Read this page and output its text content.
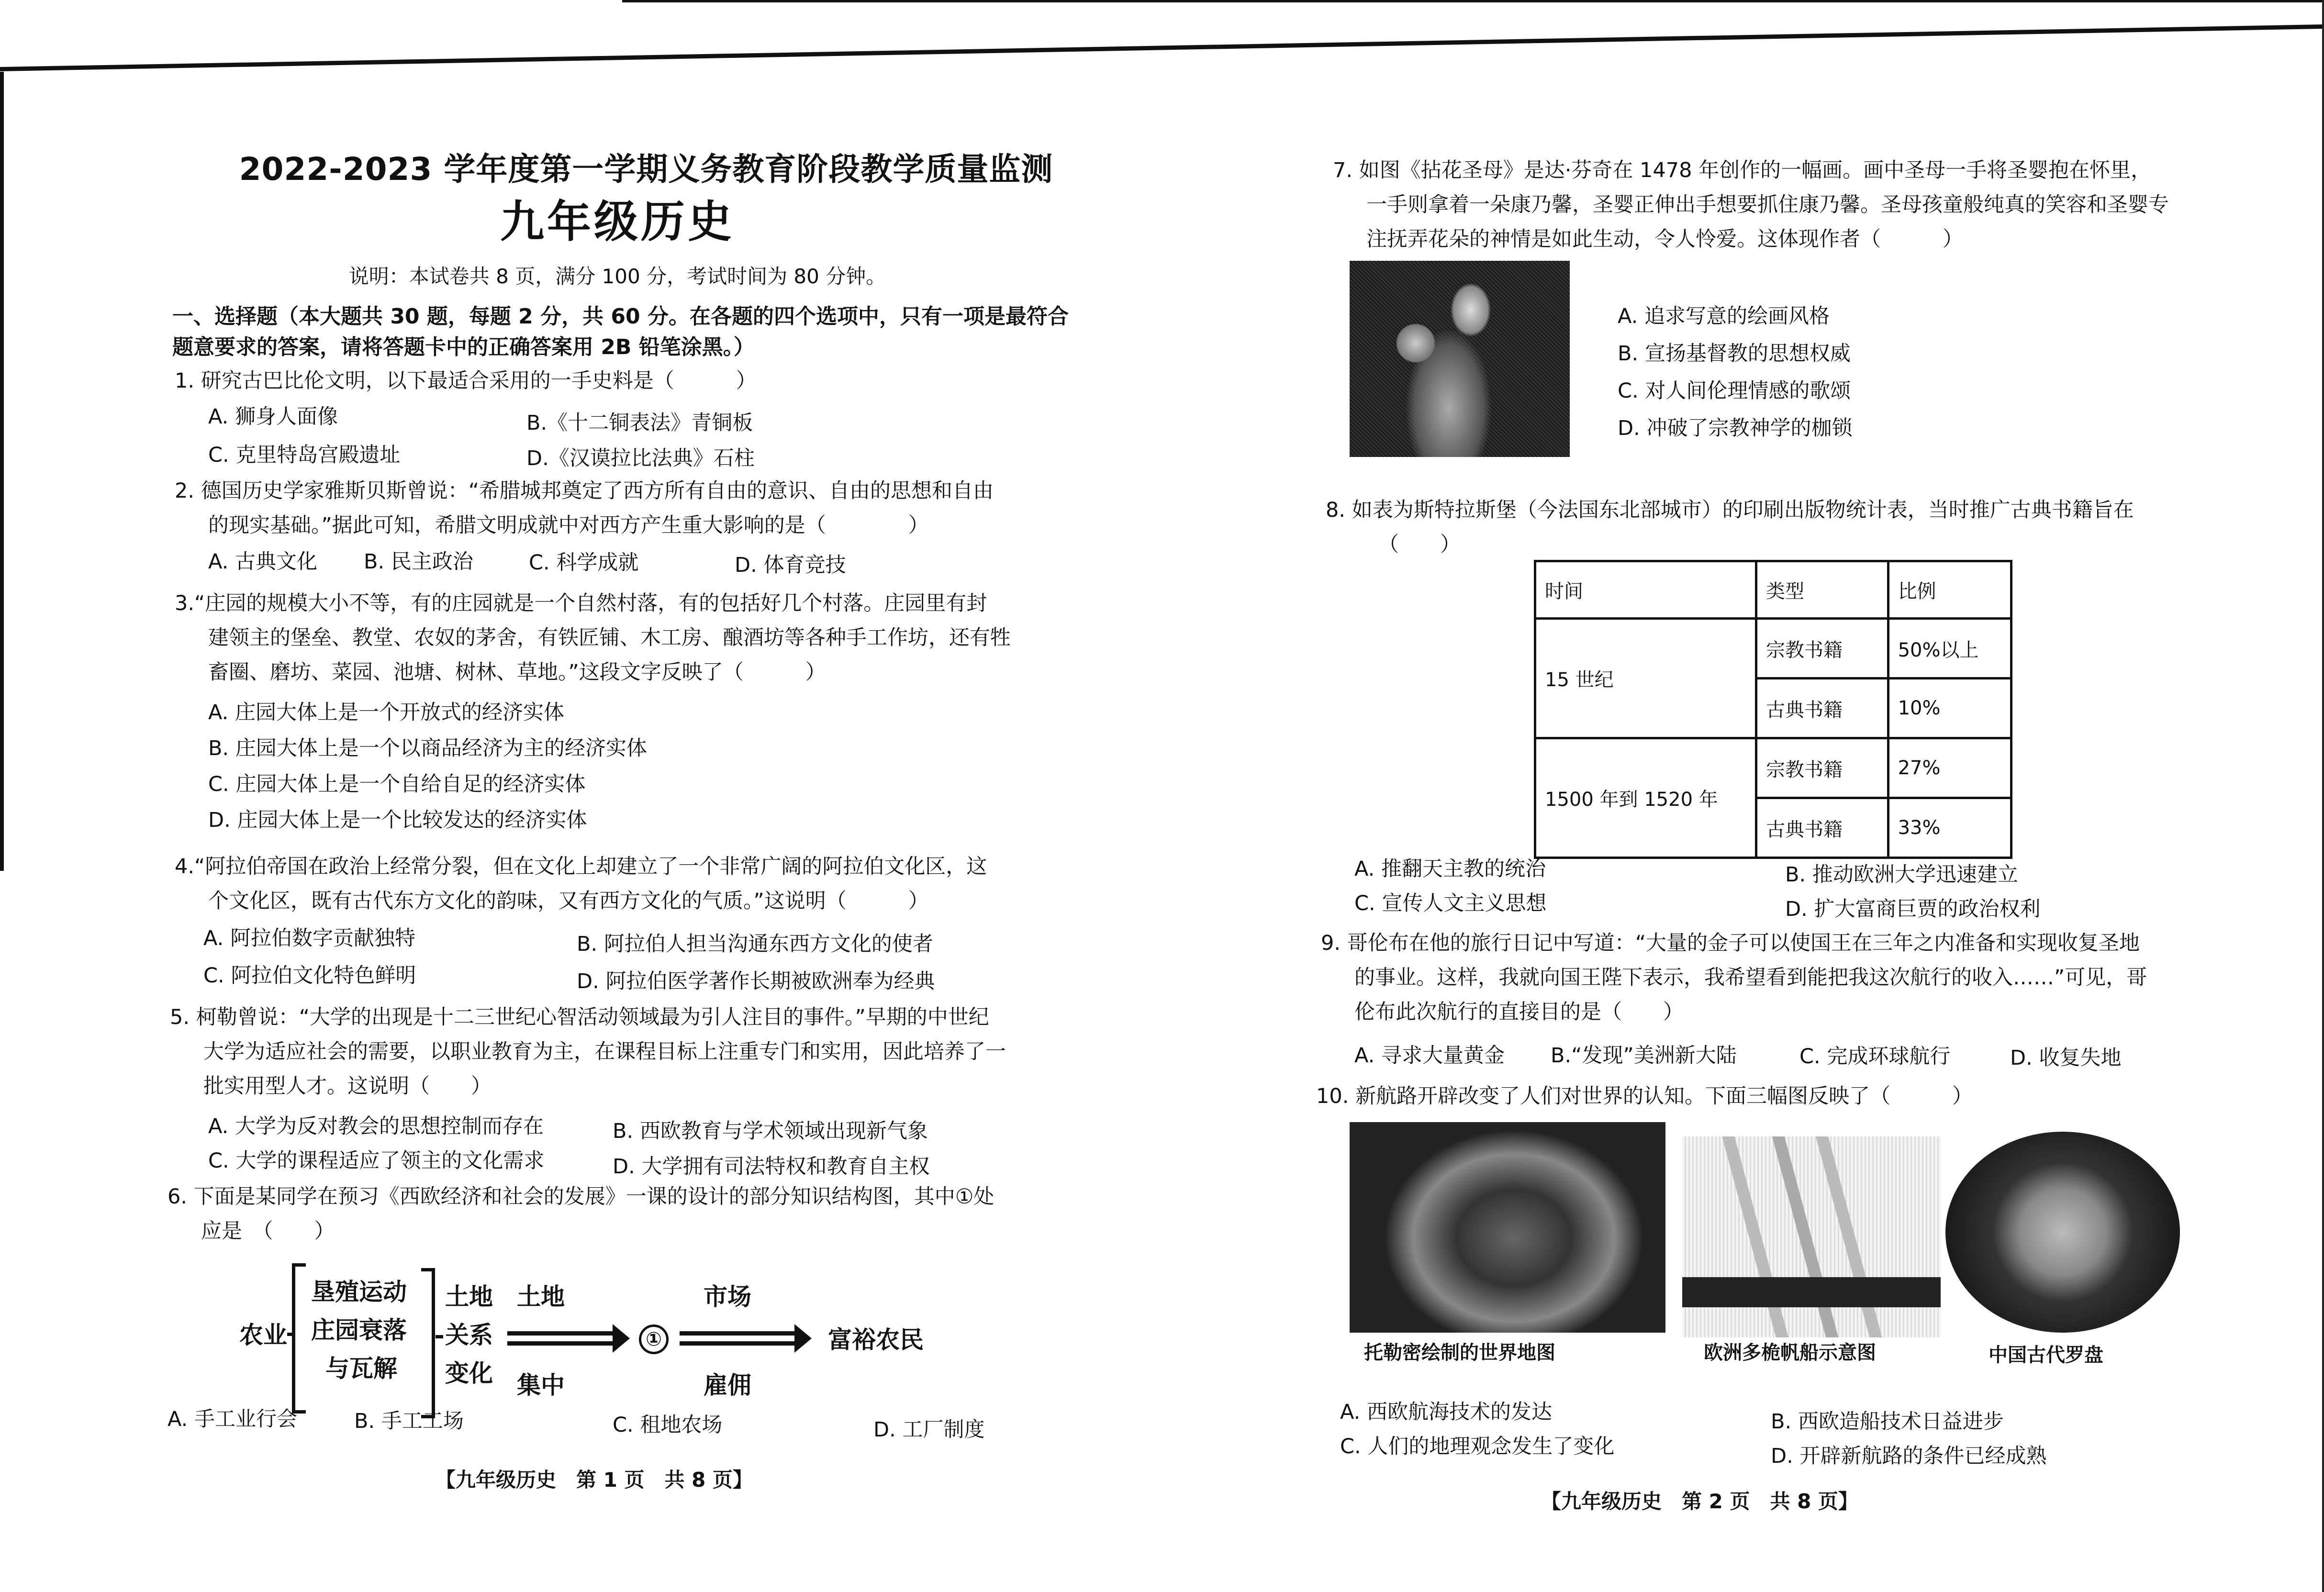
2022-2023 学年度第一学期义务教育阶段教学质量监测
九年级历史
说明：本试卷共 8 页，满分 100 分，考试时间为 80 分钟。
一、选择题（本大题共 30 题，每题 2 分，共 60 分。在各题的四个选项中，只有一项是最符合题意要求的答案，请将答题卡中的正确答案用 2B 铅笔涂黑。）
1. 研究古巴比伦文明，以下最适合采用的一手史料是（　　　）
A. 狮身人面像	B.《十二铜表法》青铜板
C. 克里特岛宫殿遗址	D.《汉谟拉比法典》石柱
2. 德国历史学家雅斯贝斯曾说：“希腊城邦奠定了西方所有自由的意识、自由的思想和自由
的现实基础。”据此可知，希腊文明成就中对西方产生重大影响的是（　　　　）
A. 古典文化 B. 民主政治	C. 科学成就	D. 体育竞技
3.“庄园的规模大小不等，有的庄园就是一个自然村落，有的包括好几个村落。庄园里有封
建领主的堡垒、教堂、农奴的茅舍，有铁匠铺、木工房、酿酒坊等各种手工作坊，还有牲
畜圈、磨坊、菜园、池塘、树林、草地。”这段文字反映了（　　　）
A. 庄园大体上是一个开放式的经济实体
B. 庄园大体上是一个以商品经济为主的经济实体
C. 庄园大体上是一个自给自足的经济实体
D. 庄园大体上是一个比较发达的经济实体
4.“阿拉伯帝国在政治上经常分裂，但在文化上却建立了一个非常广阔的阿拉伯文化区，这
个文化区，既有古代东方文化的韵味，又有西方文化的气质。”这说明（　　　）
A. 阿拉伯数字贡献独特	B. 阿拉伯人担当沟通东西方文化的使者
C. 阿拉伯文化特色鲜明	D. 阿拉伯医学著作长期被欧洲奉为经典
5. 柯勒曾说：“大学的出现是十二三世纪心智活动领域最为引人注目的事件。”早期的中世纪
大学为适应社会的需要，以职业教育为主，在课程目标上注重专门和实用，因此培养了一
批实用型人才。这说明（　　）
A. 大学为反对教会的思想控制而存在	B. 西欧教育与学术领域出现新气象
C. 大学的课程适应了领主的文化需求	D. 大学拥有司法特权和教育自主权
6. 下面是某同学在预习《西欧经济和社会的发展》一课的设计的部分知识结构图，其中①处
应是　（　　）
农业
垦殖运动
庄园衰落
与瓦解
土地
关系
变化
土地
集中
①
市场
雇佣
富裕农民
A. 手工业行会	B. 手工工场	C. 租地农场	D. 工厂制度
【九年级历史　第 1 页　共 8 页】
7. 如图《拈花圣母》是达·芬奇在 1478 年创作的一幅画。画中圣母一手将圣婴抱在怀里，
一手则拿着一朵康乃馨，圣婴正伸出手想要抓住康乃馨。圣母孩童般纯真的笑容和圣婴专
注抚弄花朵的神情是如此生动，令人怜爱。这体现作者（　　　）
A. 追求写意的绘画风格
B. 宣扬基督教的思想权威
C. 对人间伦理情感的歌颂
D. 冲破了宗教神学的枷锁
8. 如表为斯特拉斯堡（今法国东北部城市）的印刷出版物统计表，当时推广古典书籍旨在
（　　）
时间	类型	比例
15 世纪	宗教书籍	50%以上
	古典书籍	10%
1500 年到 1520 年	宗教书籍	27%
	古典书籍	33%
A. 推翻天主教的统治	B. 推动欧洲大学迅速建立
C. 宣传人文主义思想	D. 扩大富商巨贾的政治权利
9. 哥伦布在他的旅行日记中写道：“大量的金子可以使国王在三年之内准备和实现收复圣地
的事业。这样，我就向国王陛下表示，我希望看到能把我这次航行的收入……”可见，哥
伦布此次航行的直接目的是（　　）
A. 寻求大量黄金 B.“发现”美洲新大陆	C. 完成环球航行	D. 收复失地
10. 新航路开辟改变了人们对世界的认知。下面三幅图反映了（　　　）
托勒密绘制的世界地图	欧洲多桅帆船示意图	中国古代罗盘
A. 西欧航海技术的发达	B. 西欧造船技术日益进步
C. 人们的地理观念发生了变化	D. 开辟新航路的条件已经成熟
【九年级历史　第 2 页　共 8 页】
